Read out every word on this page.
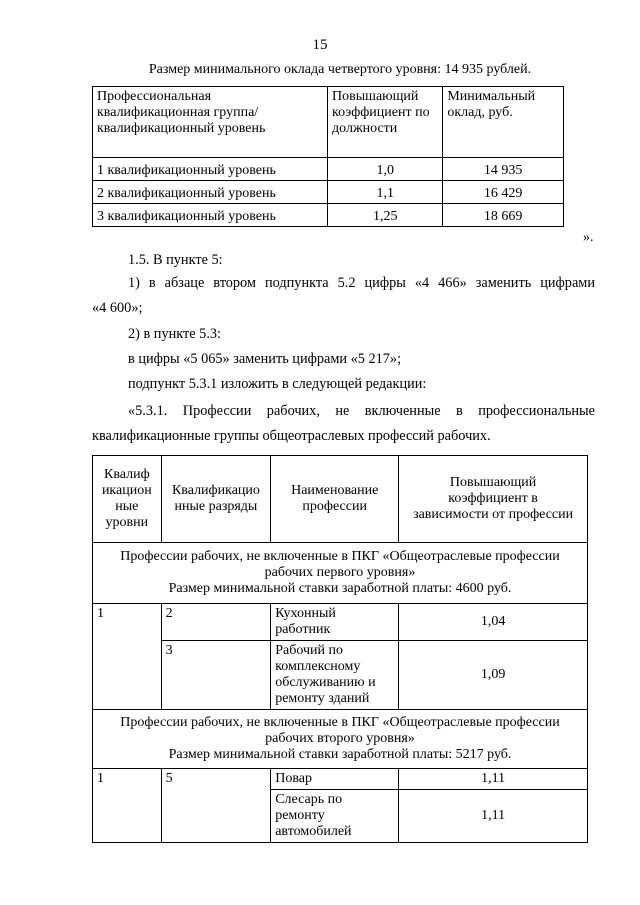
15
Размер минимального оклада четвертого уровня: 14 935 рублей.
Профессиональная квалификационная группа/квалификационный уровень	Повышающий коэффициент по должности	Минимальный оклад, руб.
1 квалификационный уровень	1,0	14 935
2 квалификационный уровень	1,1	16 429
3 квалификационный уровень	1,25	18 669
».
1.5. В пункте 5:
1) в абзаце втором подпункта 5.2 цифры «4 466» заменить цифрами
«4 600»;
2) в пункте 5.3:
в цифры «5 065» заменить цифрами «5 217»;
подпункт 5.3.1 изложить в следующей редакции:
«5.3.1. Профессии рабочих, не включенные в профессиональные
квалификационные группы общеотраслевых профессий рабочих.
Квалиф
икацион
ные
уровни	Квалификацио
нные разряды	Наименование
профессии	Повышающий
коэффициент в
зависимости от профессии

Профессии рабочих, не включенные в ПКГ «Общеотраслевые профессии рабочих первого уровня»
Размер минимальной ставки заработной платы: 4600 руб.			

1	2	Кухонный работник	1,04
	3	Рабочий по комплексному обслуживанию и ремонту зданий	1,09

Профессии рабочих, не включенные в ПКГ «Общеотраслевые профессии рабочих второго уровня»
Размер минимальной ставки заработной платы: 5217 руб.			

1	5	Повар	1,11
		Слесарь по ремонту автомобилей	1,11
